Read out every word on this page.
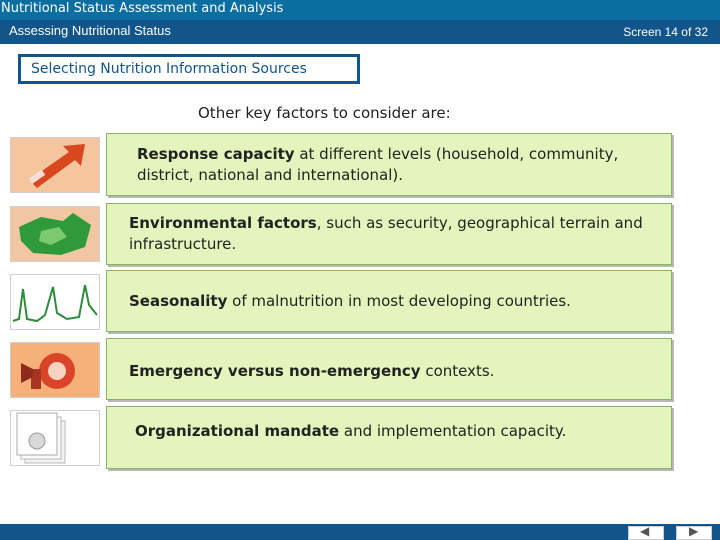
Nutritional Status Assessment and Analysis
Assessing Nutritional Status	Screen 14 of 32
Selecting Nutrition Information Sources
Other key factors to consider are:
Response capacity at different levels (household, community, district, national and international).
Environmental factors, such as security, geographical terrain and infrastructure.
Seasonality of malnutrition in most developing countries.
Emergency versus non-emergency contexts.
Organizational mandate and implementation capacity.
◀	▶
